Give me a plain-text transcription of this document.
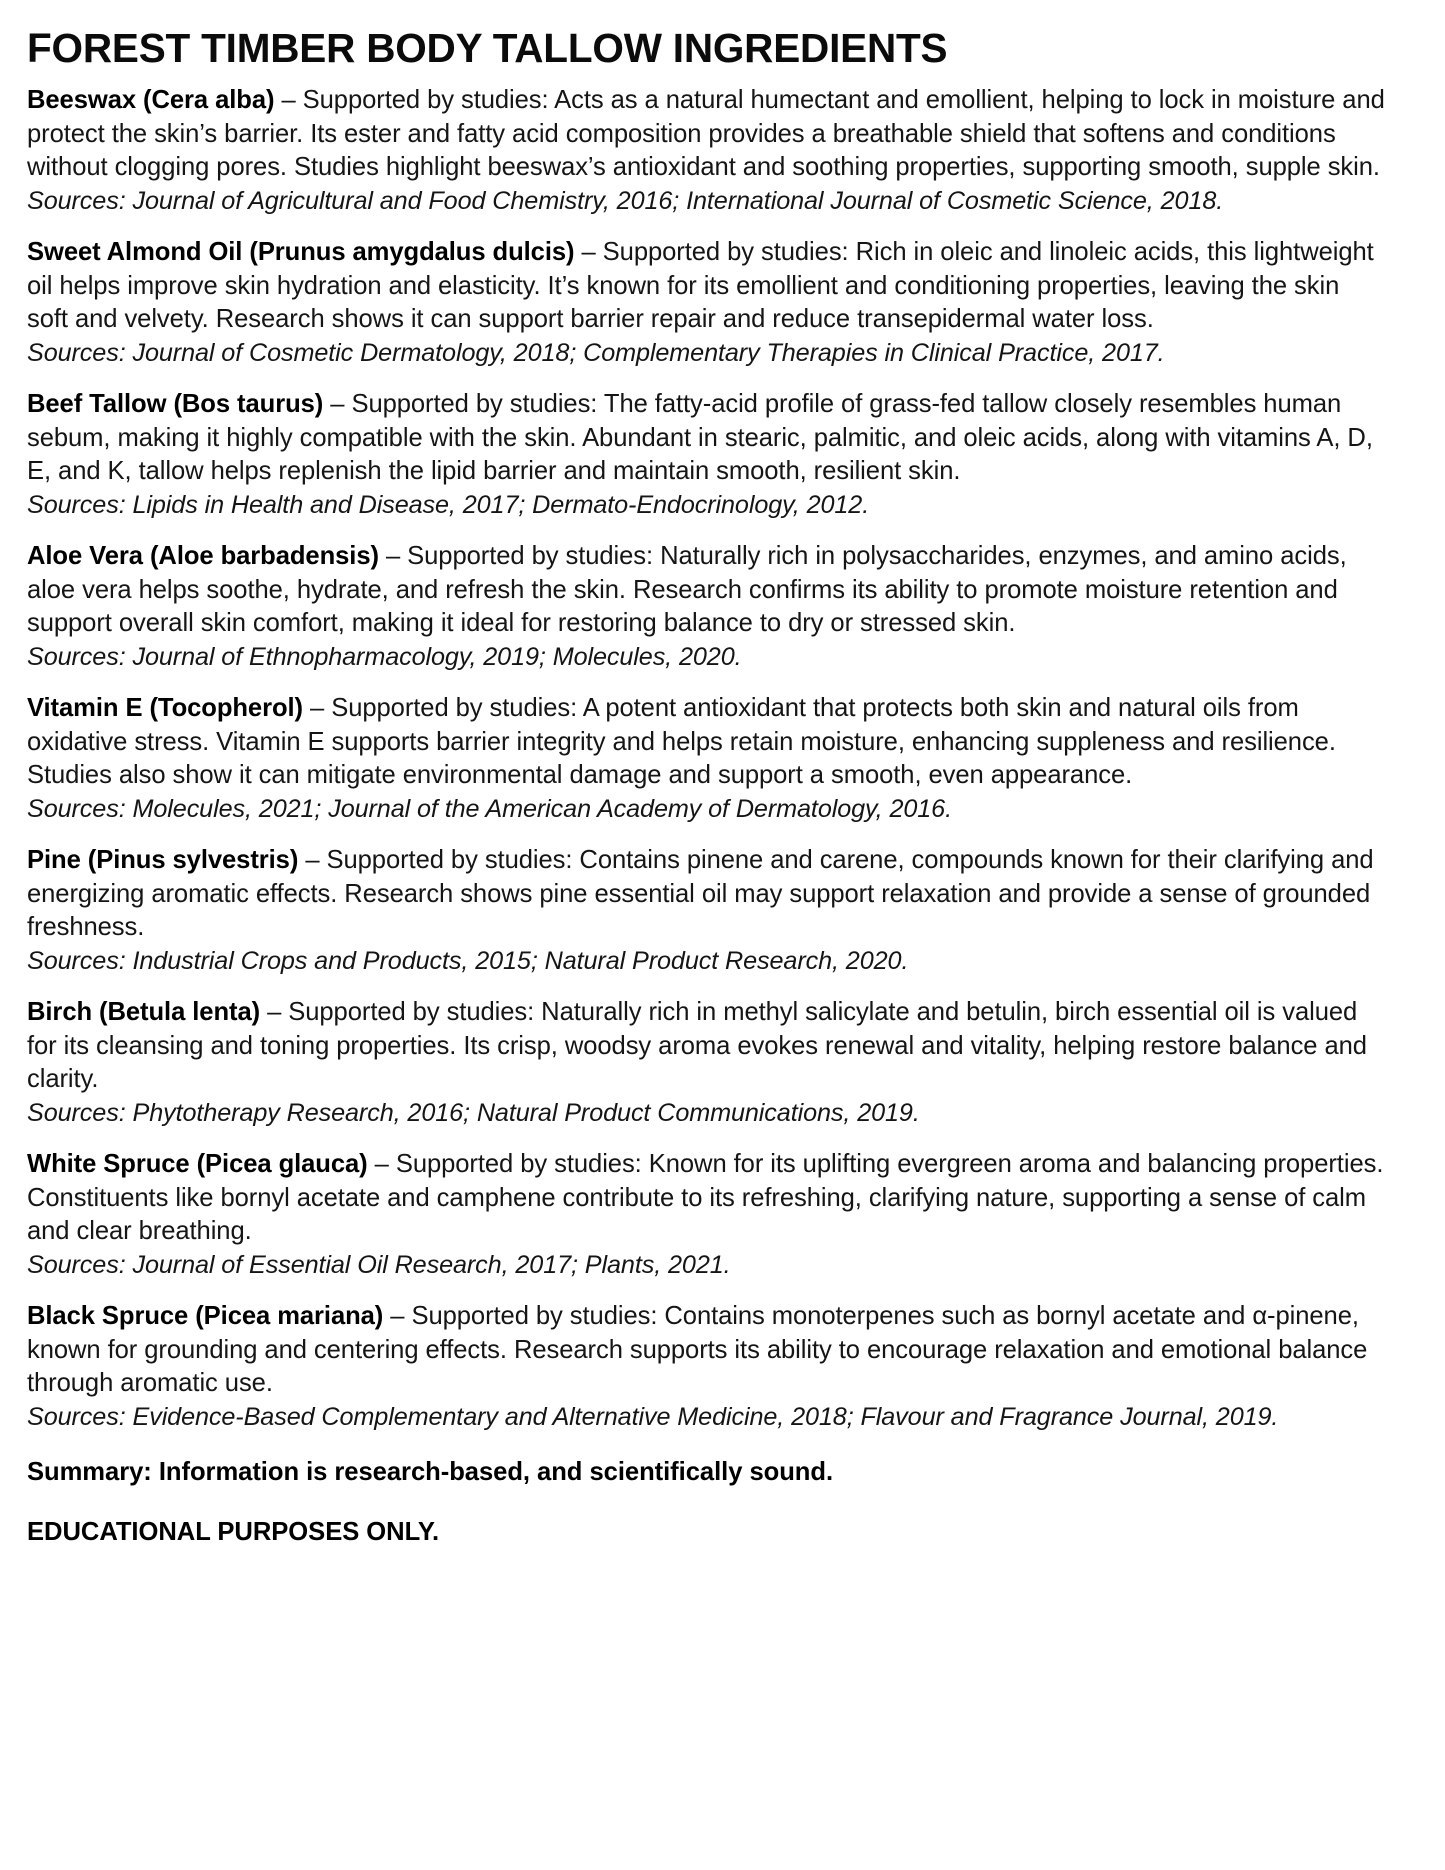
FOREST TIMBER BODY TALLOW INGREDIENTS

Beeswax (Cera alba) – Supported by studies: Acts as a natural humectant and emollient, helping to lock in moisture and protect the skin’s barrier. Its ester and fatty acid composition provides a breathable shield that softens and conditions without clogging pores. Studies highlight beeswax’s antioxidant and soothing properties, supporting smooth, supple skin.

Sources: Journal of Agricultural and Food Chemistry, 2016; International Journal of Cosmetic Science, 2018.

Sweet Almond Oil (Prunus amygdalus dulcis) – Supported by studies: Rich in oleic and linoleic acids, this lightweight oil helps improve skin hydration and elasticity. It’s known for its emollient and conditioning properties, leaving the skin soft and velvety. Research shows it can support barrier repair and reduce transepidermal water loss.

Sources: Journal of Cosmetic Dermatology, 2018; Complementary Therapies in Clinical Practice, 2017.

Beef Tallow (Bos taurus) – Supported by studies: The fatty-acid profile of grass-fed tallow closely resembles human sebum, making it highly compatible with the skin. Abundant in stearic, palmitic, and oleic acids, along with vitamins A, D, E, and K, tallow helps replenish the lipid barrier and maintain smooth, resilient skin.

Sources: Lipids in Health and Disease, 2017; Dermato-Endocrinology, 2012.

Aloe Vera (Aloe barbadensis) – Supported by studies: Naturally rich in polysaccharides, enzymes, and amino acids, aloe vera helps soothe, hydrate, and refresh the skin. Research confirms its ability to promote moisture retention and support overall skin comfort, making it ideal for restoring balance to dry or stressed skin.

Sources: Journal of Ethnopharmacology, 2019; Molecules, 2020.

Vitamin E (Tocopherol) – Supported by studies: A potent antioxidant that protects both skin and natural oils from oxidative stress. Vitamin E supports barrier integrity and helps retain moisture, enhancing suppleness and resilience. Studies also show it can mitigate environmental damage and support a smooth, even appearance.

Sources: Molecules, 2021; Journal of the American Academy of Dermatology, 2016.

Pine (Pinus sylvestris) – Supported by studies: Contains pinene and carene, compounds known for their clarifying and energizing aromatic effects. Research shows pine essential oil may support relaxation and provide a sense of grounded freshness.

Sources: Industrial Crops and Products, 2015; Natural Product Research, 2020.

Birch (Betula lenta) – Supported by studies: Naturally rich in methyl salicylate and betulin, birch essential oil is valued for its cleansing and toning properties. Its crisp, woodsy aroma evokes renewal and vitality, helping restore balance and clarity.

Sources: Phytotherapy Research, 2016; Natural Product Communications, 2019.

White Spruce (Picea glauca) – Supported by studies: Known for its uplifting evergreen aroma and balancing properties. Constituents like bornyl acetate and camphene contribute to its refreshing, clarifying nature, supporting a sense of calm and clear breathing.

Sources: Journal of Essential Oil Research, 2017; Plants, 2021.

Black Spruce (Picea mariana) – Supported by studies: Contains monoterpenes such as bornyl acetate and α-pinene, known for grounding and centering effects. Research supports its ability to encourage relaxation and emotional balance through aromatic use.

Sources: Evidence-Based Complementary and Alternative Medicine, 2018; Flavour and Fragrance Journal, 2019.

Summary: Information is research-based, and scientifically sound.

EDUCATIONAL PURPOSES ONLY.
